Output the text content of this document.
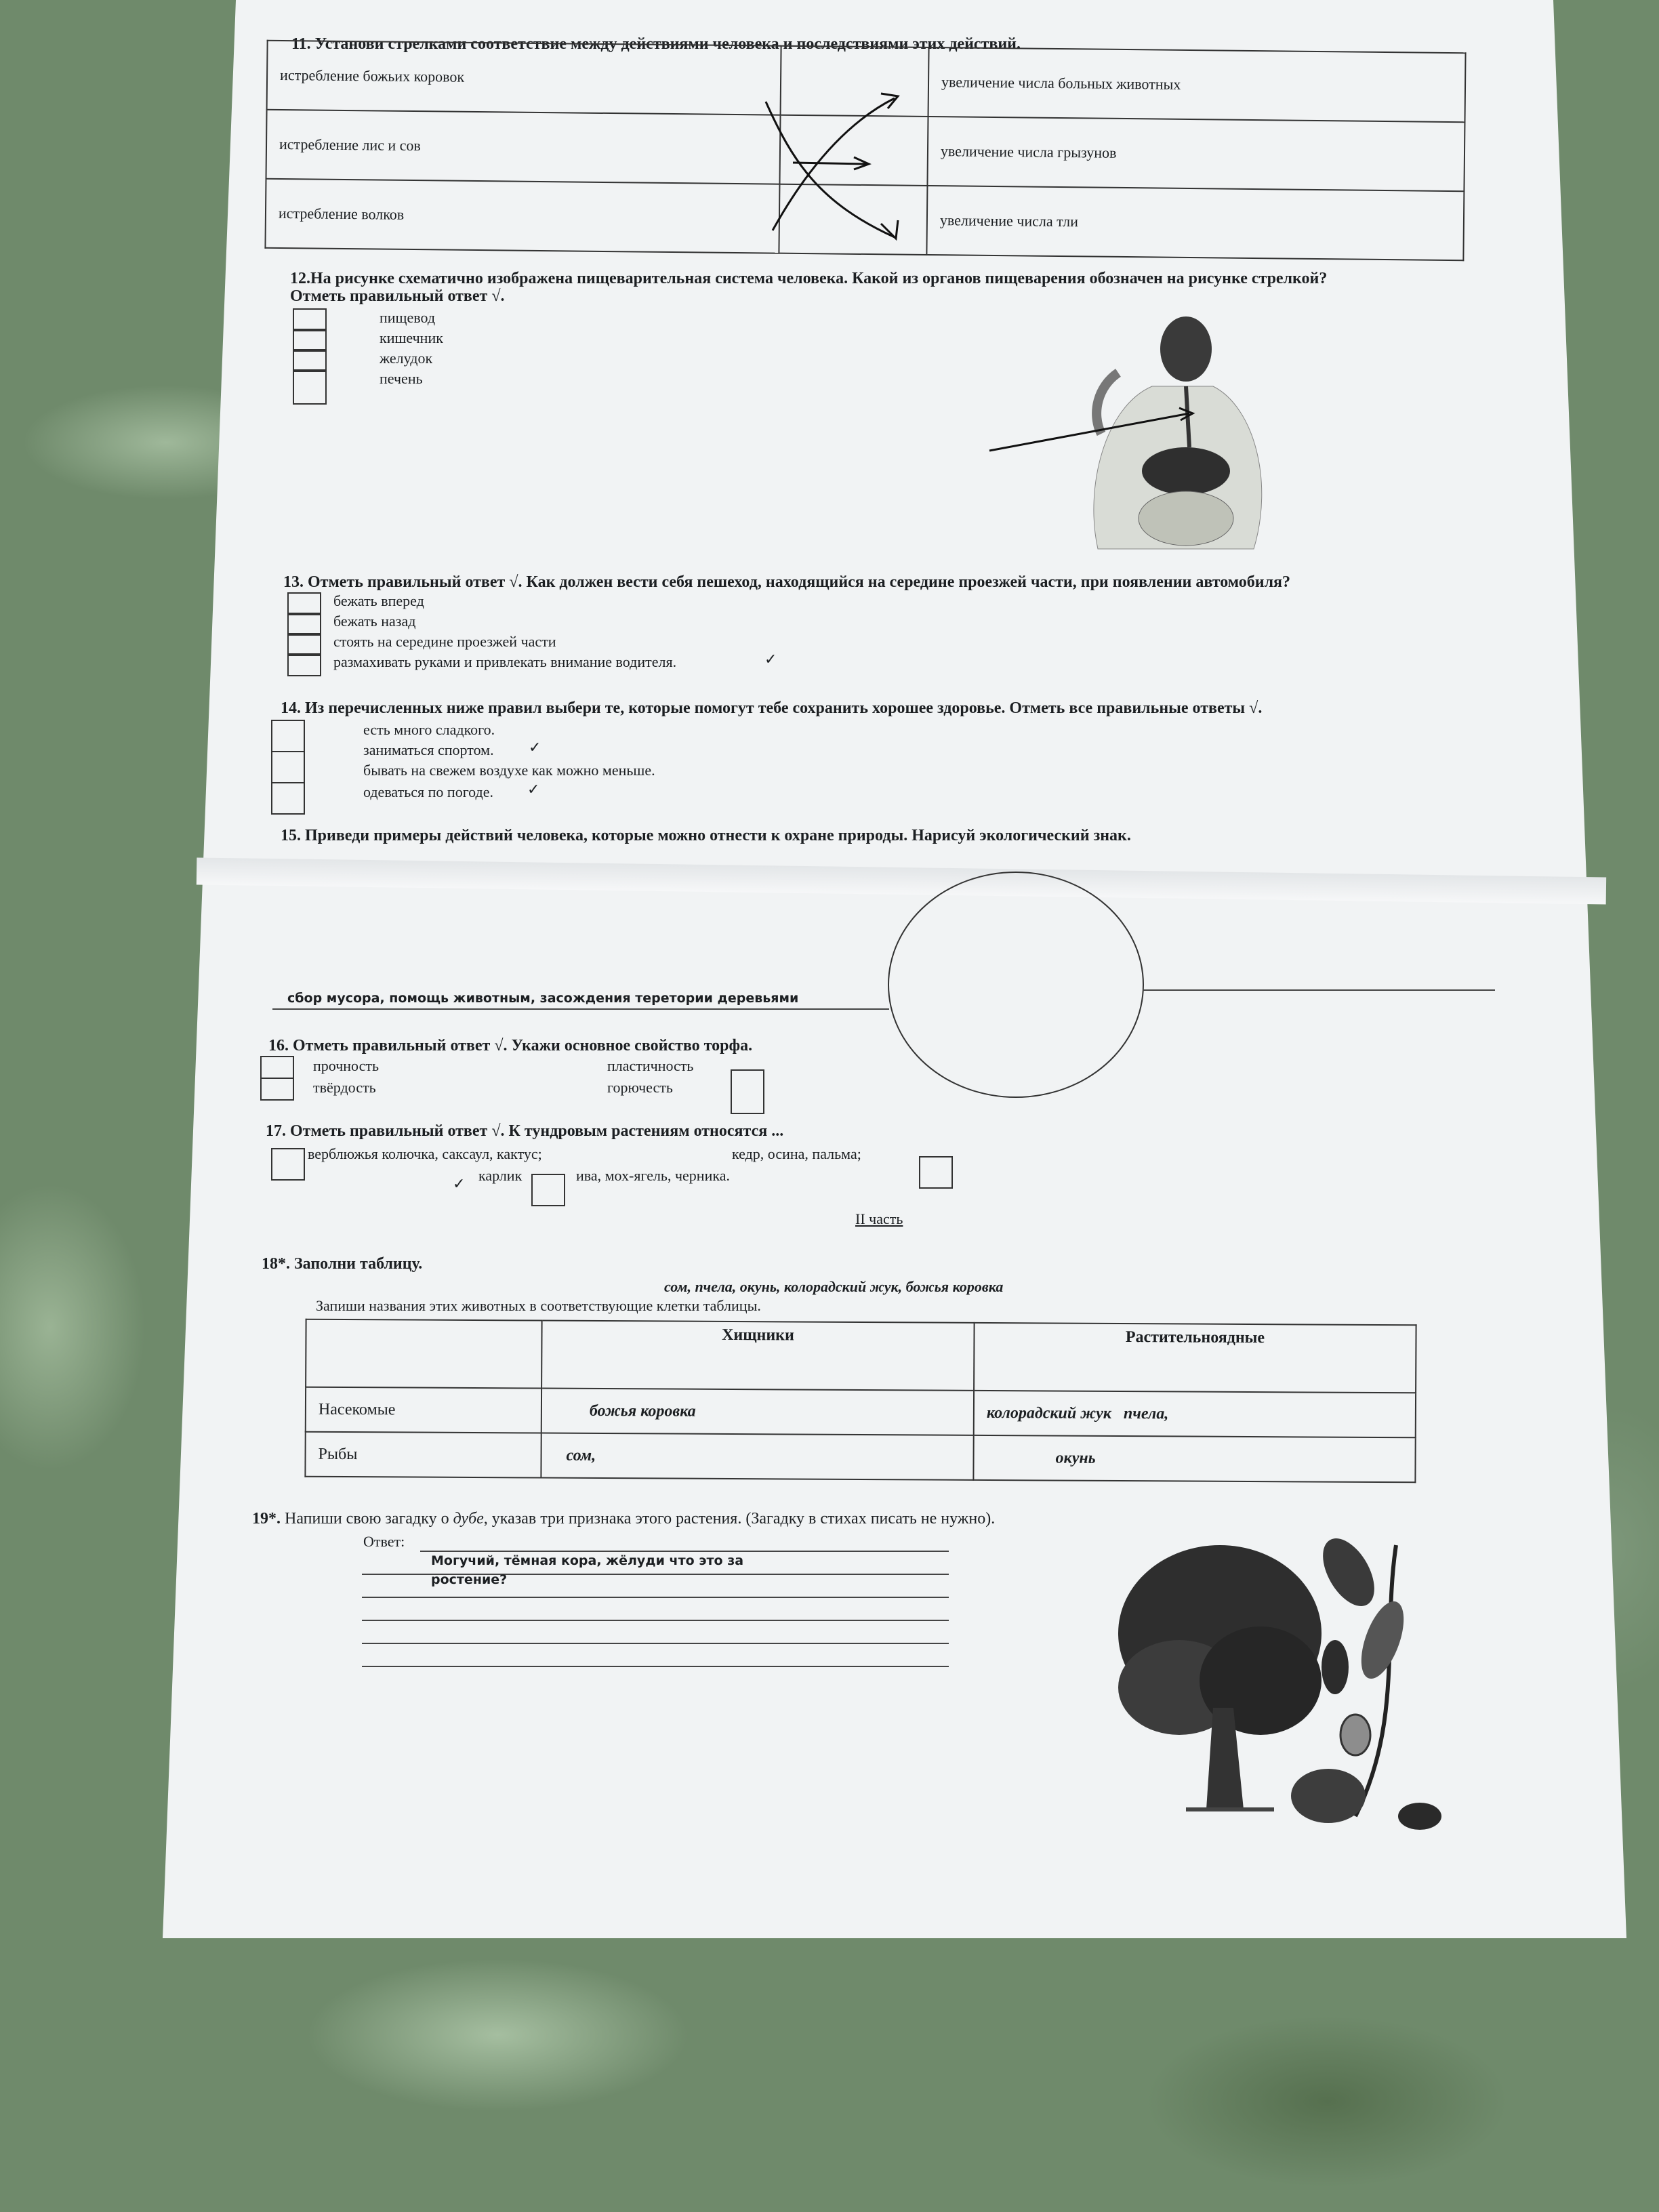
11. Установи стрелками соответствие между действиями человека и последствиями этих действий.
истребление божьих коровок		увеличение числа больных животных
истребление лис и сов		увеличение числа грызунов
истребление волков		увеличение числа тли
12.На рисунке схематично изображена пищеварительная система человека. Какой из органов пищеварения обозначен на рисунке стрелкой?
Отметь правильный ответ √.
пищевод
кишечник
желудок
печень
13. Отметь правильный ответ √. Как должен вести себя пешеход, находящийся на середине проезжей части, при появлении автомобиля?
бежать вперед
бежать назад
стоять на середине проезжей части
размахивать руками и привлекать внимание водителя.	✓
14. Из перечисленных ниже правил выбери те, которые помогут тебе сохранить хорошее здоровье. Отметь все правильные ответы √.
есть много сладкого.
заниматься спортом.
бывать на свежем воздухе как можно меньше.
одеваться по погоде.
✓
✓
15. Приведи примеры действий человека, которые можно отнести к охране природы. Нарисуй экологический знак.
сбор мусора, помощь животным, засождения теретории деревьями
16. Отметь правильный ответ √. Укажи основное свойство торфа.
прочность
твёрдость
пластичность
горючесть
17. Отметь правильный ответ √. К тундровым растениям относятся ...
верблюжья колючка, саксаул, кактус;	кедр, осина, пальма;
карлик	ива, мох-ягель, черника.
✓
II часть
18*. Заполни таблицу.
сом, пчела, окунь, колорадский жук, божья коровка
Запиши названия этих животных в соответствующие клетки таблицы.
	Хищники	Растительноядные
Насекомые	божья коровка	колорадский жук пчела,
Рыбы	сом,	окунь
19*. Напиши свою загадку о дубе, указав три признака этого растения. (Загадку в стихах писать не нужно).
Ответ:
Могучий, тёмная кора, жёлуди что это за
ростение?
